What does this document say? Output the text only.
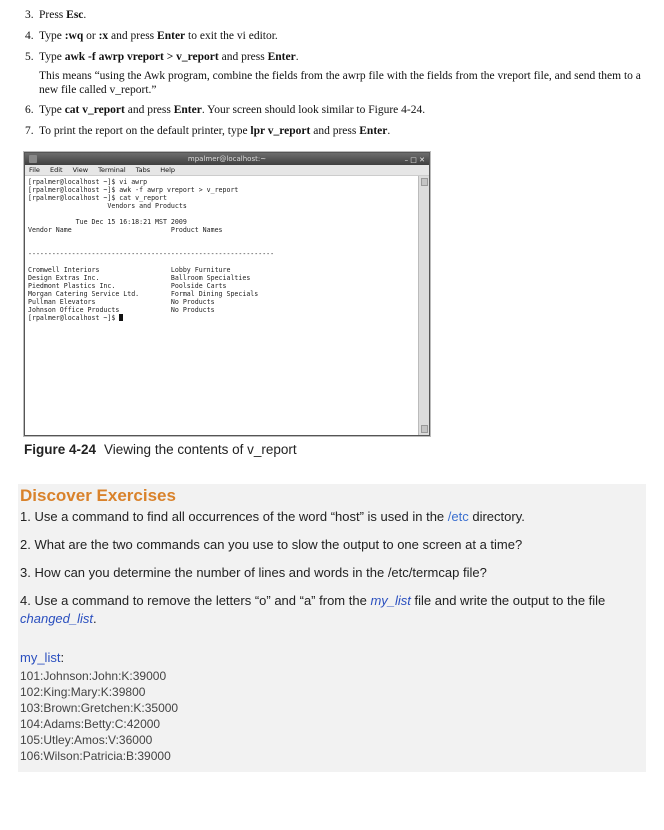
3. Press Esc.
4. Type :wq or :x and press Enter to exit the vi editor.
5. Type awk -f awrp vreport > v_report and press Enter.
This means “using the Awk program, combine the fields from the awrp file with the fields from the vreport file, and send them to a new file called v_report.”
6. Type cat v_report and press Enter. Your screen should look similar to Figure 4-24.
7. To print the report on the default printer, type lpr v_report and press Enter.
mpalmer@localhost:~	– □ ✕
File Edit View Terminal Tabs Help
[rpalmer@localhost ~]$ vi awrp
[rpalmer@localhost ~]$ awk -f awrp vreport > v_report
[rpalmer@localhost ~]$ cat v_report
Vendors and Products

Tue Dec 15 16:18:21 MST 2009
Vendor Name                         Product Names

--------------------------------------------------------------

Cromwell Interiors                  Lobby Furniture
Design Extras Inc.                  Ballroom Specialties
Piedmont Plastics Inc.              Poolside Carts
Morgan Catering Service Ltd.        Formal Dining Specials
Pullman Elevators                   No Products
Johnson Office Products             No Products
[rpalmer@localhost ~]$
Figure 4-24 Viewing the contents of v_report
Discover Exercises
1. Use a command to find all occurrences of the word “host” is used in the /etc directory.
2. What are the two commands can you use to slow the output to one screen at a time?
3. How can you determine the number of lines and words in the /etc/termcap file?
4. Use a command to remove the letters “o” and “a” from the my_list file and write the output to the file changed_list.
my_list:
101:Johnson:John:K:39000
102:King:Mary:K:39800
103:Brown:Gretchen:K:35000
104:Adams:Betty:C:42000
105:Utley:Amos:V:36000
106:Wilson:Patricia:B:39000
